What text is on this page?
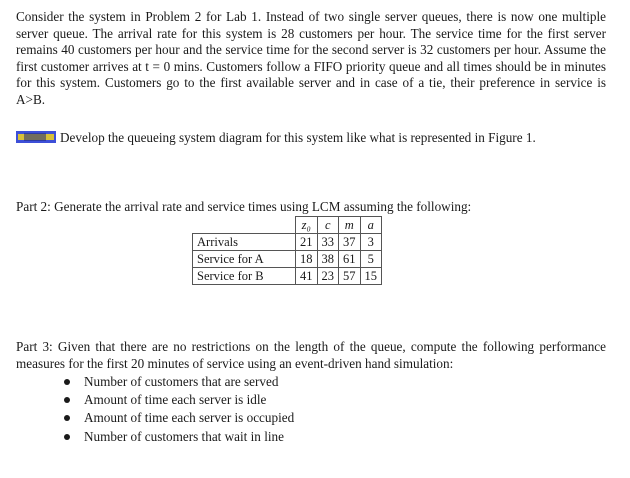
Consider the system in Problem 2 for Lab 1. Instead of two single server queues, there is now one multiple server queue. The arrival rate for this system is 28 customers per hour. The service time for the first server remains 40 customers per hour and the service time for the second server is 32 customers per hour. Assume the first customer arrives at t = 0 mins. Customers follow a FIFO priority queue and all times should be in minutes for this system. Customers go to the first available server and in case of a tie, their preference in service is A>B.

Develop the queueing system diagram for this system like what is represented in Figure 1.

Part 2: Generate the arrival rate and service times using LCM assuming the following:

	z₀	c	m	a
Arrivals	21	33	37	3
Service for A	18	38	61	5
Service for B	41	23	57	15

Part 3: Given that there are no restrictions on the length of the queue, compute the following performance measures for the first 20 minutes of service using an event-driven hand simulation:

Number of customers that are served
Amount of time each server is idle
Amount of time each server is occupied
Number of customers that wait in line
